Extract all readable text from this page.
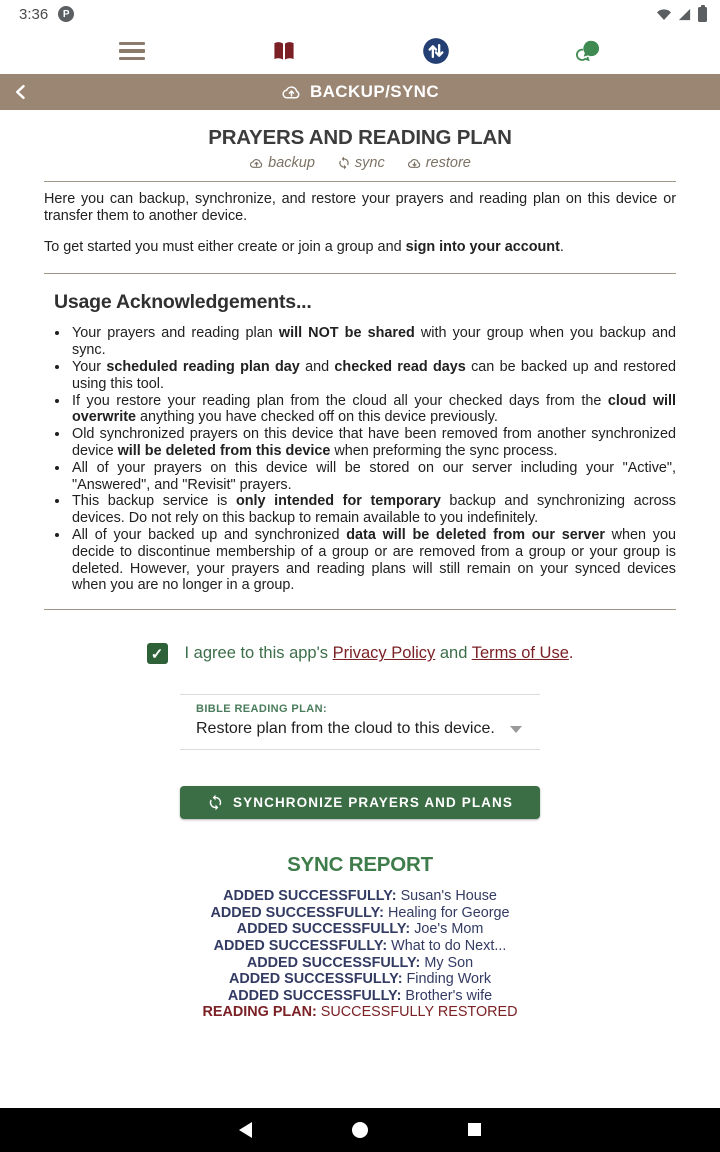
3:36	P
BACKUP/SYNC
PRAYERS AND READING PLAN
backup	sync	restore

Here you can backup, synchronize, and restore your prayers and reading plan on this device or transfer them to another device.

To get started you must either create or join a group and sign into your account.

Usage Acknowledgements...
• Your prayers and reading plan will NOT be shared with your group when you backup and sync.
• Your scheduled reading plan day and checked read days can be backed up and restored using this tool.
• If you restore your reading plan from the cloud all your checked days from the cloud will overwrite anything you have checked off on this device previously.
• Old synchronized prayers on this device that have been removed from another synchronized device will be deleted from this device when preforming the sync process.
• All of your prayers on this device will be stored on our server including your "Active", "Answered", and "Revisit" prayers.
• This backup service is only intended for temporary backup and synchronizing across devices. Do not rely on this backup to remain available to you indefinitely.
• All of your backed up and synchronized data will be deleted from our server when you decide to discontinue membership of a group or are removed from a group or your group is deleted. However, your prayers and reading plans will still remain on your synced devices when you are no longer in a group.
✓ I agree to this app's Privacy Policy and Terms of Use.
BIBLE READING PLAN:
Restore plan from the cloud to this device.
SYNCHRONIZE PRAYERS AND PLANS
SYNC REPORT
ADDED SUCCESSFULLY: Susan's House
ADDED SUCCESSFULLY: Healing for George
ADDED SUCCESSFULLY: Joe's Mom
ADDED SUCCESSFULLY: What to do Next...
ADDED SUCCESSFULLY: My Son
ADDED SUCCESSFULLY: Finding Work
ADDED SUCCESSFULLY: Brother's wife
READING PLAN: SUCCESSFULLY RESTORED
